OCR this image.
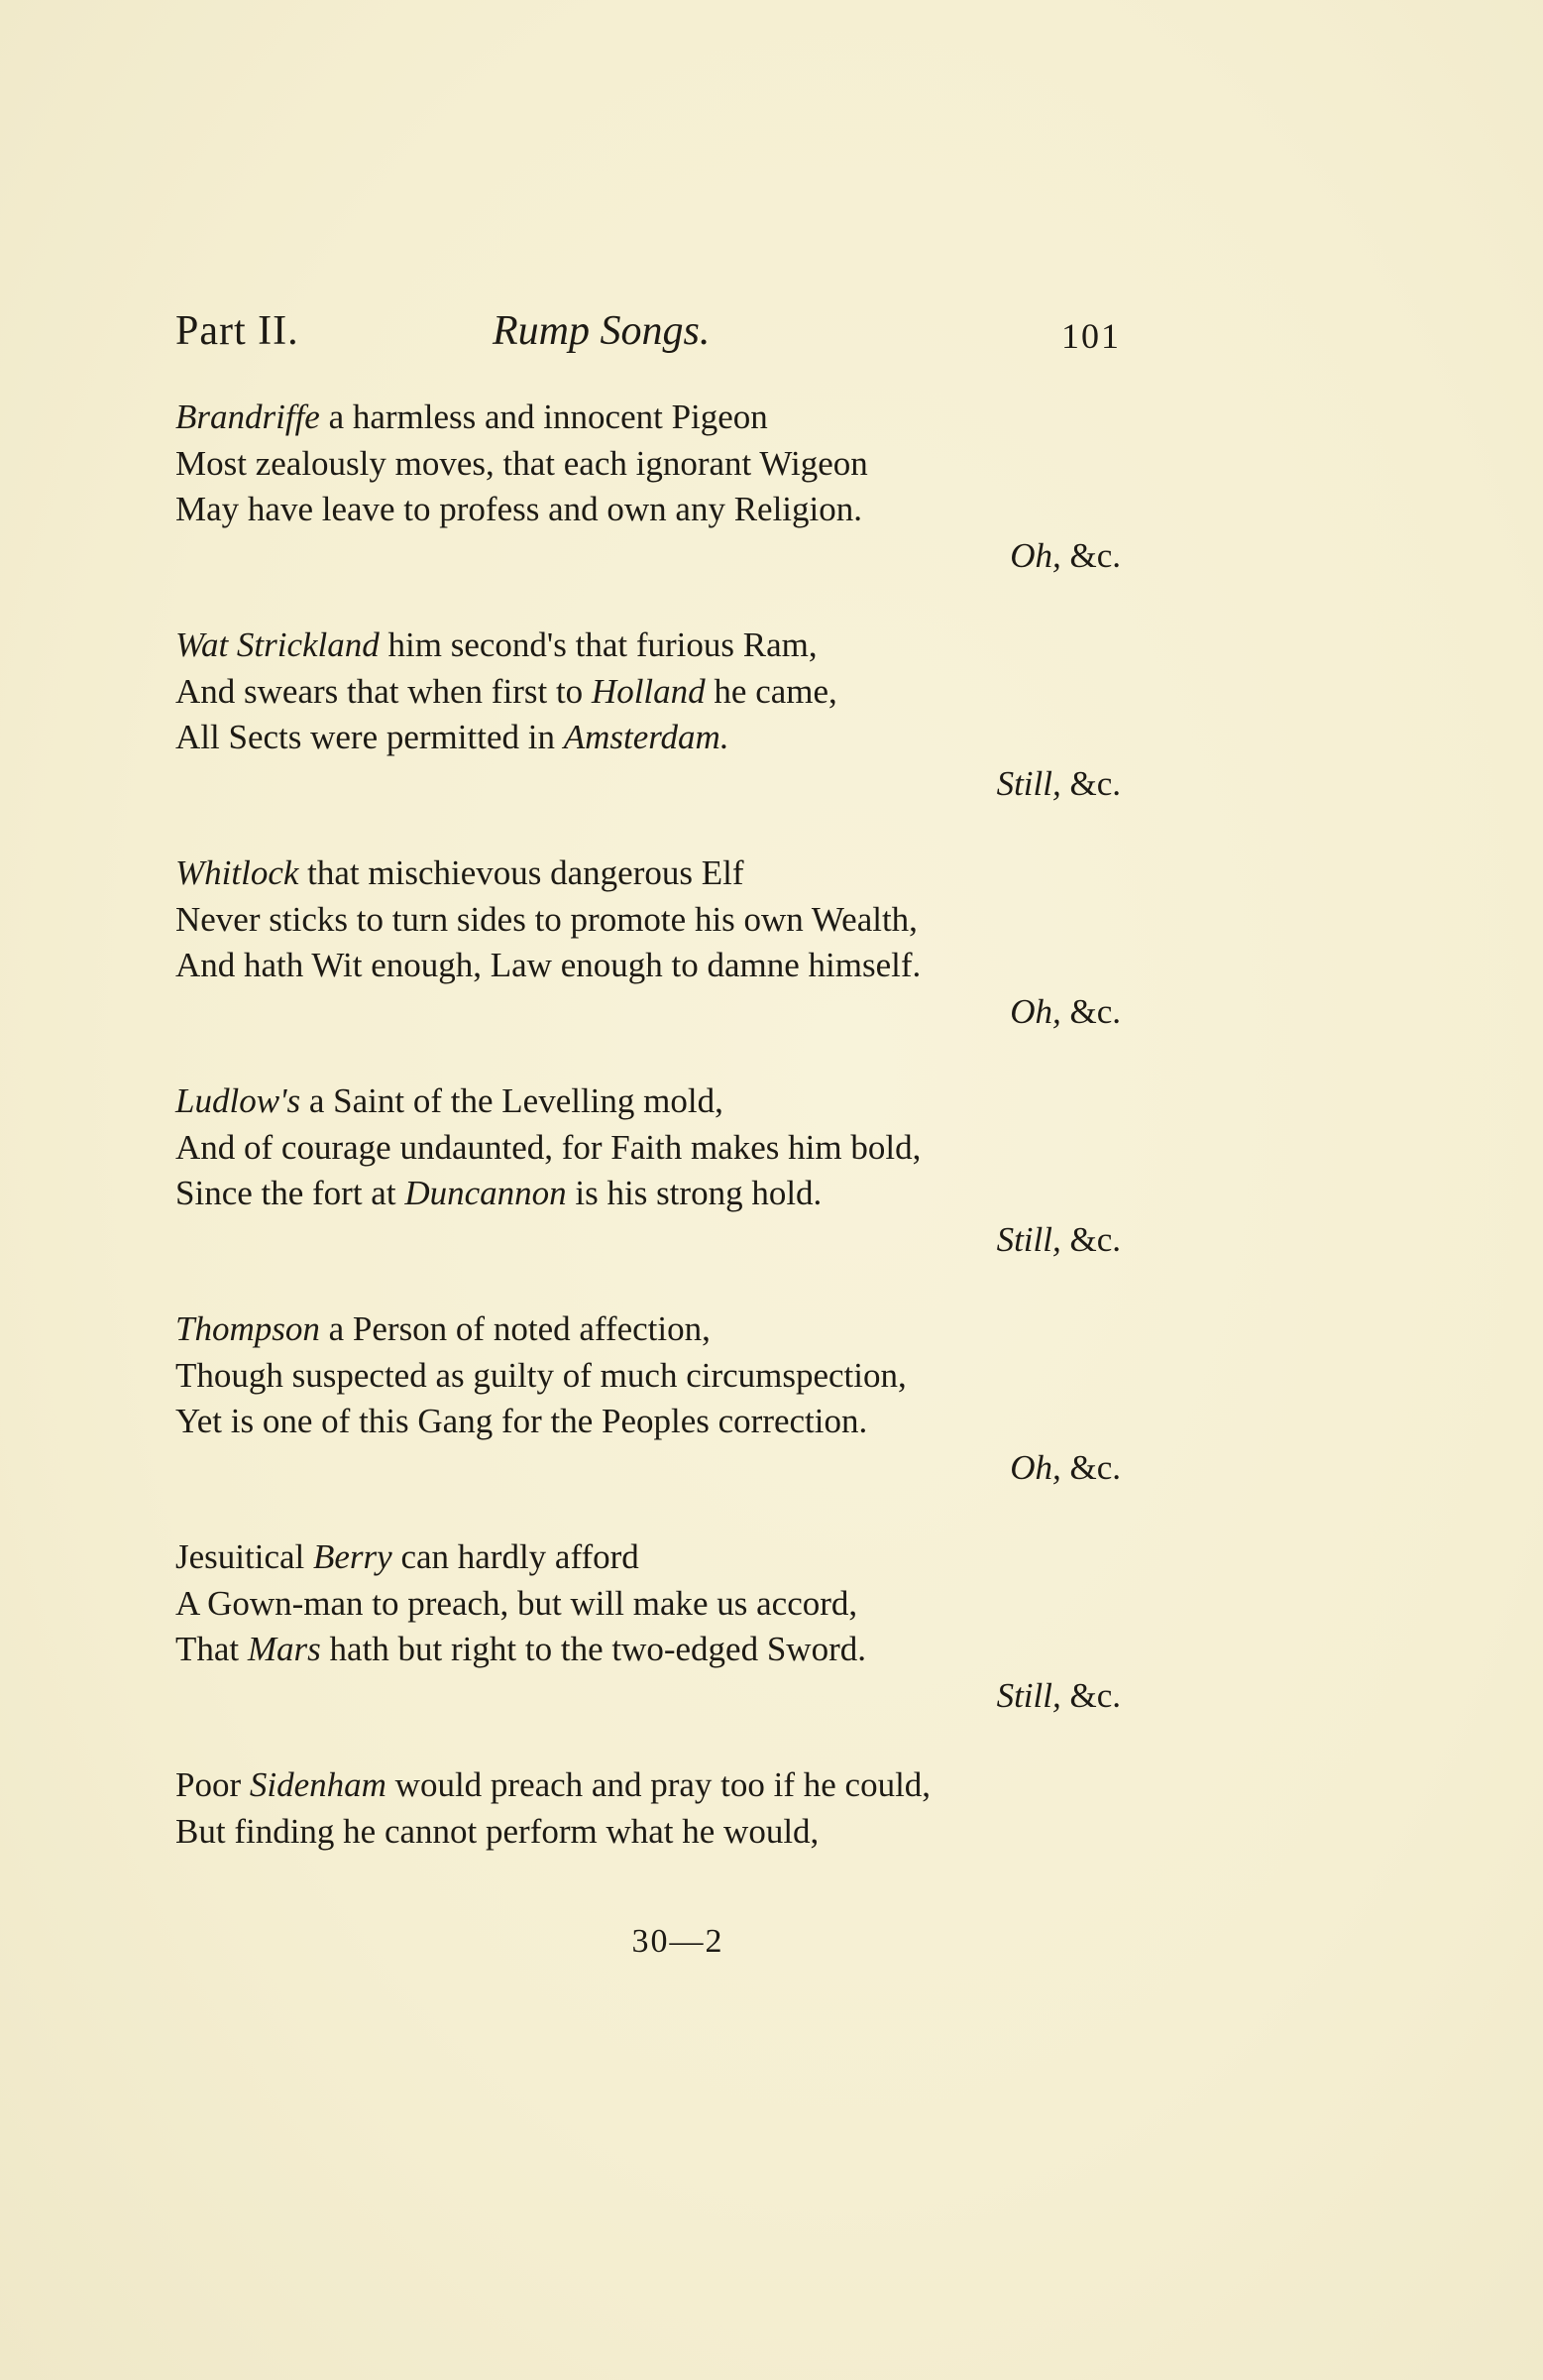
Part II.	Rump Songs.	101
Brandriffe a harmless and innocent Pigeon
Most zealously moves, that each ignorant Wigeon
May have leave to profess and own any Religion.
Oh, &c.
Wat Strickland him second's that furious Ram,
And swears that when first to Holland he came,
All Sects were permitted in Amsterdam.
Still, &c.
Whitlock that mischievous dangerous Elf
Never sticks to turn sides to promote his own Wealth,
And hath Wit enough, Law enough to damne himself.
Oh, &c.
Ludlow's a Saint of the Levelling mold,
And of courage undaunted, for Faith makes him bold,
Since the fort at Duncannon is his strong hold.
Still, &c.
Thompson a Person of noted affection,
Though suspected as guilty of much circumspection,
Yet is one of this Gang for the Peoples correction.
Oh, &c.
Jesuitical Berry can hardly afford
A Gown-man to preach, but will make us accord,
That Mars hath but right to the two-edged Sword.
Still, &c.
Poor Sidenham would preach and pray too if he could,
But finding he cannot perform what he would,
30—2
